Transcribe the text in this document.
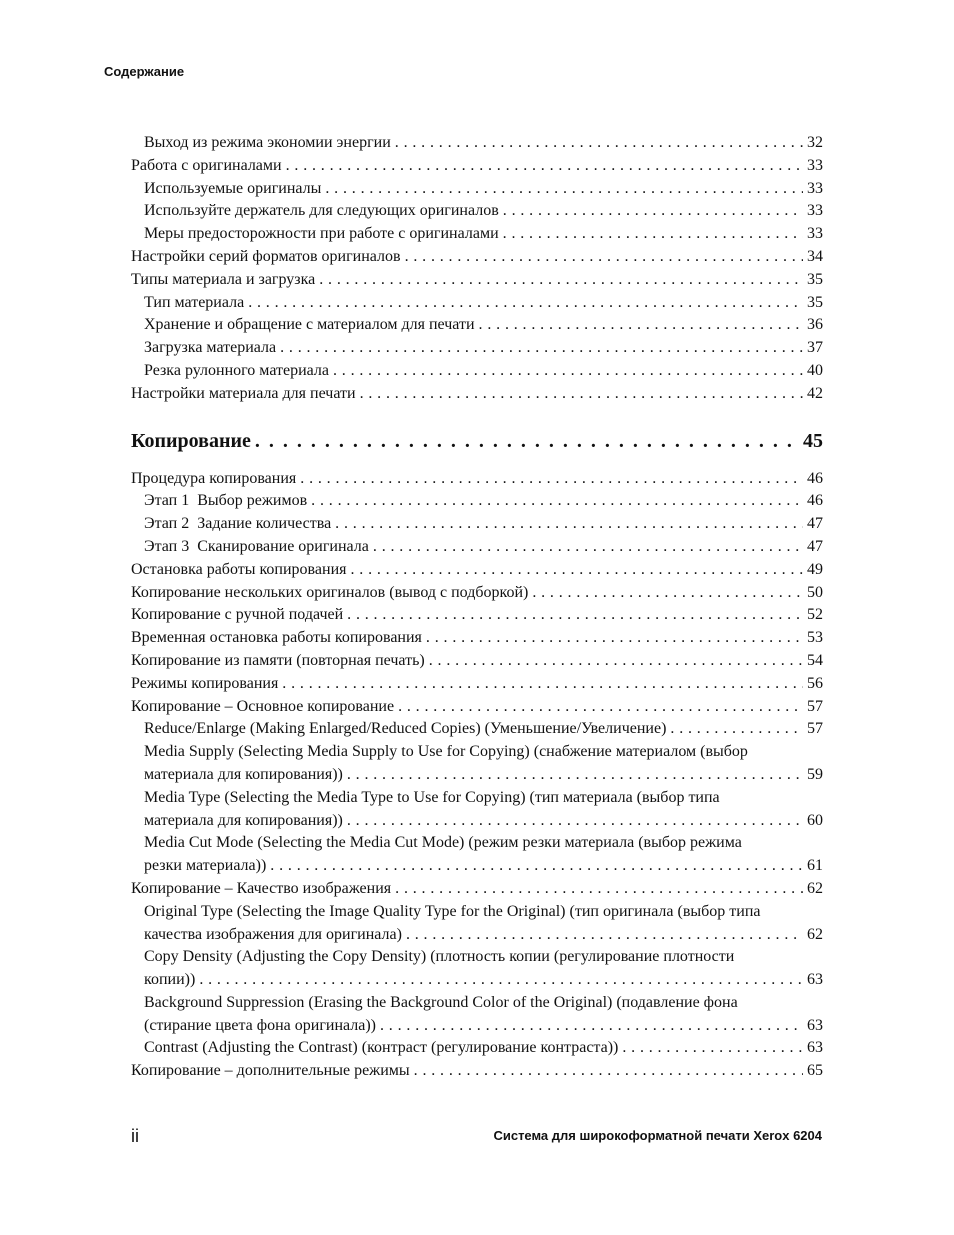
Содержание
Выход из режима экономии энергии . . .	32
Работа с оригиналами . . .	33
Используемые оригиналы . . .	33
Используйте держатель для следующих оригиналов . . .	33
Меры предосторожности при работе с оригиналами . . .	33
Настройки серий форматов оригиналов . . .	34
Типы материала и загрузка . . .	35
Тип материала . . .	35
Хранение и обращение с материалом для печати . . .	36
Загрузка материала . . .	37
Резка рулонного материала . . .	40
Настройки материала для печати . . .	42
Копирование . . .	45
Процедура копирования . . .	46
Этап 1  Выбор режимов . . .	46
Этап 2  Задание количества . . .	47
Этап 3  Сканирование оригинала . . .	47
Остановка работы копирования . . .	49
Копирование нескольких оригиналов (вывод с подборкой) . . .	50
Копирование с ручной подачей . . .	52
Временная остановка работы копирования . . .	53
Копирование из памяти (повторная печать) . . .	54
Режимы копирования . . .	56
Копирование – Основное копирование . . .	57
Reduce/Enlarge (Making Enlarged/Reduced Copies) (Уменьшение/Увеличение) . . .	57
Media Supply (Selecting Media Supply to Use for Copying) (снабжение материалом (выбор
материала для копирования)) . . .	59
Media Type (Selecting the Media Type to Use for Copying) (тип материала (выбор типа
материала для копирования)) . . .	60
Media Cut Mode (Selecting the Media Cut Mode) (режим резки материала (выбор режима
резки материала)) . . .	61
Копирование – Качество изображения . . .	62
Original Type (Selecting the Image Quality Type for the Original) (тип оригинала (выбор типа
качества изображения для оригинала) . . .	62
Copy Density (Adjusting the Copy Density) (плотность копии (регулирование плотности
копии)) . . .	63
Background Suppression (Erasing the Background Color of the Original) (подавление фона
(стирание цвета фона оригинала)) . . .	63
Contrast (Adjusting the Contrast) (контраст (регулирование контраста)) . . .	63
Копирование – дополнительные режимы . . .	65
ii	Система для широкоформатной печати Xerox 6204
